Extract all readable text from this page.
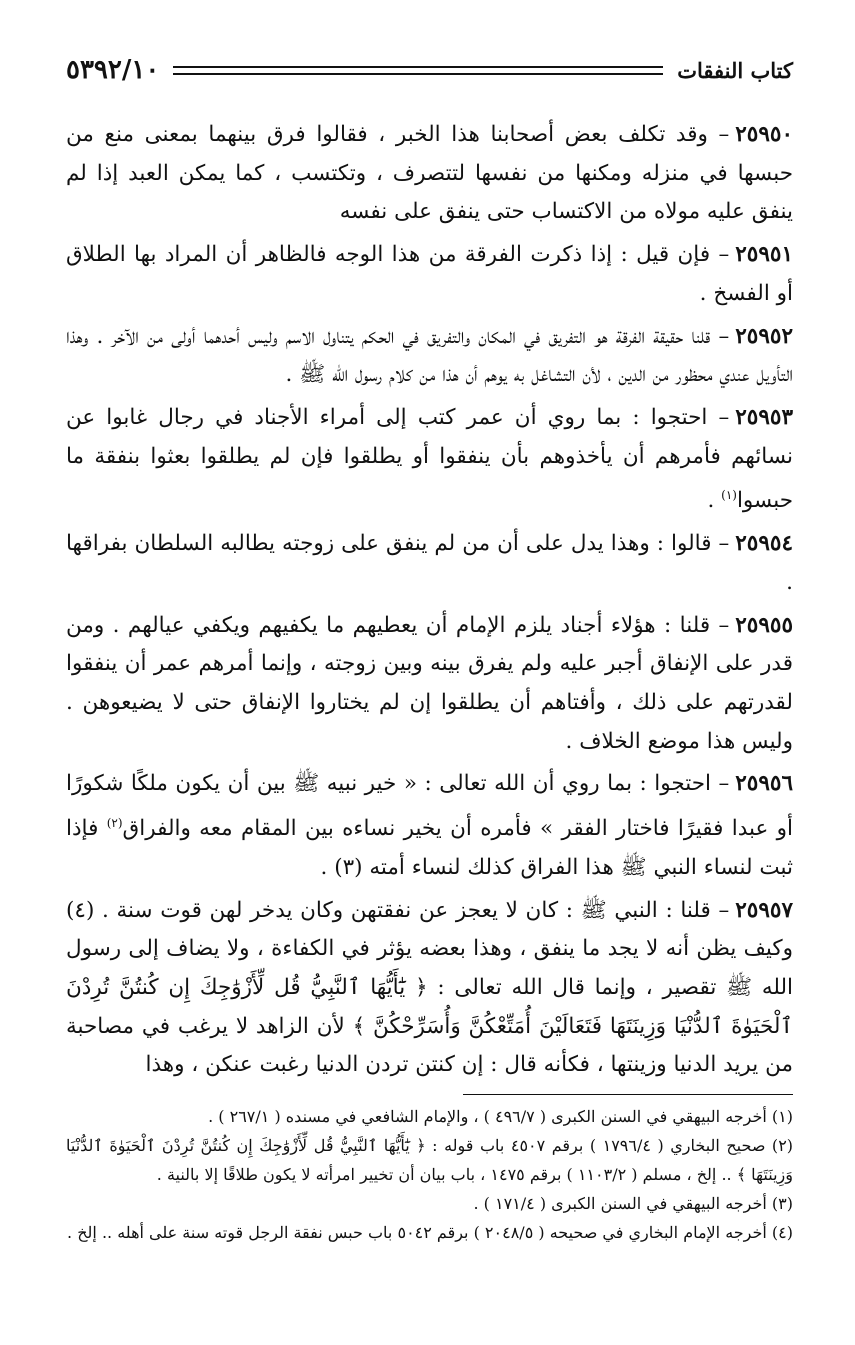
كتاب النفقات
٥٣٩٢/١٠

٢٥٩٥٠– وقد تكلف بعض أصحابنا هذا الخبر ، فقالوا فرق بينهما بمعنى منع من حبسها في منزله ومكنها من نفسها لتتصرف ، وتكتسب ، كما يمكن العبد إذا لم ينفق عليه مولاه من الاكتساب حتى ينفق على نفسه

٢٥٩٥١– فإن قيل : إذا ذكرت الفرقة من هذا الوجه فالظاهر أن المراد بها الطلاق أو الفسخ .

٢٥٩٥٢– قلنا حقيقة الفرقة هو التفريق في المكان والتفريق في الحكم يتناول الاسم وليس أحدهما أولى من الآخر . وهذا التأويل عندي محظور من الدين ، لأن التشاغل به يوهم أن هذا من كلام رسول الله ﷺ .

٢٥٩٥٣– احتجوا : بما روي أن عمر كتب إلى أمراء الأجناد في رجال غابوا عن نسائهم فأمرهم أن يأخذوهم بأن ينفقوا أو يطلقوا فإن لم يطلقوا بعثوا بنفقة ما حبسوا$^{(١)}$ .

٢٥٩٥٤– قالوا : وهذا يدل على أن من لم ينفق على زوجته يطالبه السلطان بفراقها .

٢٥٩٥٥– قلنا : هؤلاء أجناد يلزم الإمام أن يعطيهم ما يكفيهم ويكفي عيالهم . ومن قدر على الإنفاق أجبر عليه ولم يفرق بينه وبين زوجته ، وإنما أمرهم عمر أن ينفقوا لقدرتهم على ذلك ، وأفتاهم أن يطلقوا إن لم يختاروا الإنفاق حتى لا يضيعوهن . وليس هذا موضع الخلاف .

٢٥٩٥٦– احتجوا : بما روي أن الله تعالى : « خير نبيه ﷺ بين أن يكون ملكًا شكورًا أو عبدا فقيرًا فاختار الفقر » فأمره أن يخير نساءه بين المقام معه والفراق$^{(٢)}$ فإذا ثبت لنساء النبي ﷺ هذا الفراق كذلك لنساء أمته (٣) .

٢٥٩٥٧– قلنا : النبي ﷺ : كان لا يعجز عن نفقتهن وكان يدخر لهن قوت سنة . (٤) وكيف يظن أنه لا يجد ما ينفق ، وهذا بعضه يؤثر في الكفاءة ، ولا يضاف إلى رسول الله ﷺ تقصير ، وإنما قال الله تعالى : ﴿ يَٰٓأَيُّهَا ٱلنَّبِيُّ قُل لِّأَزْوَٰجِكَ إِن كُنتُنَّ تُرِدْنَ ٱلْحَيَوٰةَ ٱلدُّنْيَا وَزِينَتَهَا فَتَعَالَيْنَ أُمَتِّعْكُنَّ وَأُسَرِّحْكُنَّ ﴾ لأن الزاهد لا يرغب في مصاحبة من يريد الدنيا وزينتها ، فكأنه قال : إن كنتن تردن الدنيا رغبت عنكن ، وهذا

(١) أخرجه البيهقي في السنن الكبرى ( ٤٩٦/٧ ) ، والإمام الشافعي في مسنده ( ٢٦٧/١ ) .

(٢) صحيح البخاري ( ١٧٩٦/٤ ) برقم ٤٥٠٧ باب قوله : ﴿ يَٰٓأَيُّهَا ٱلنَّبِيُّ قُل لِّأَزْوَٰجِكَ إِن كُنتُنَّ تُرِدْنَ ٱلْحَيَوٰةَ ٱلدُّنْيَا وَزِينَتَهَا ﴾ .. إلخ ، مسلم ( ١١٠٣/٢ ) برقم ١٤٧٥ ، باب بيان أن تخيير امرأته لا يكون طلاقًا إلا بالنية .

(٣) أخرجه البيهقي في السنن الكبرى ( ١٧١/٤ ) .

(٤) أخرجه الإمام البخاري في صحيحه ( ٢٠٤٨/٥ ) برقم ٥٠٤٢ باب حبس نفقة الرجل قوته سنة على أهله .. إلخ .
